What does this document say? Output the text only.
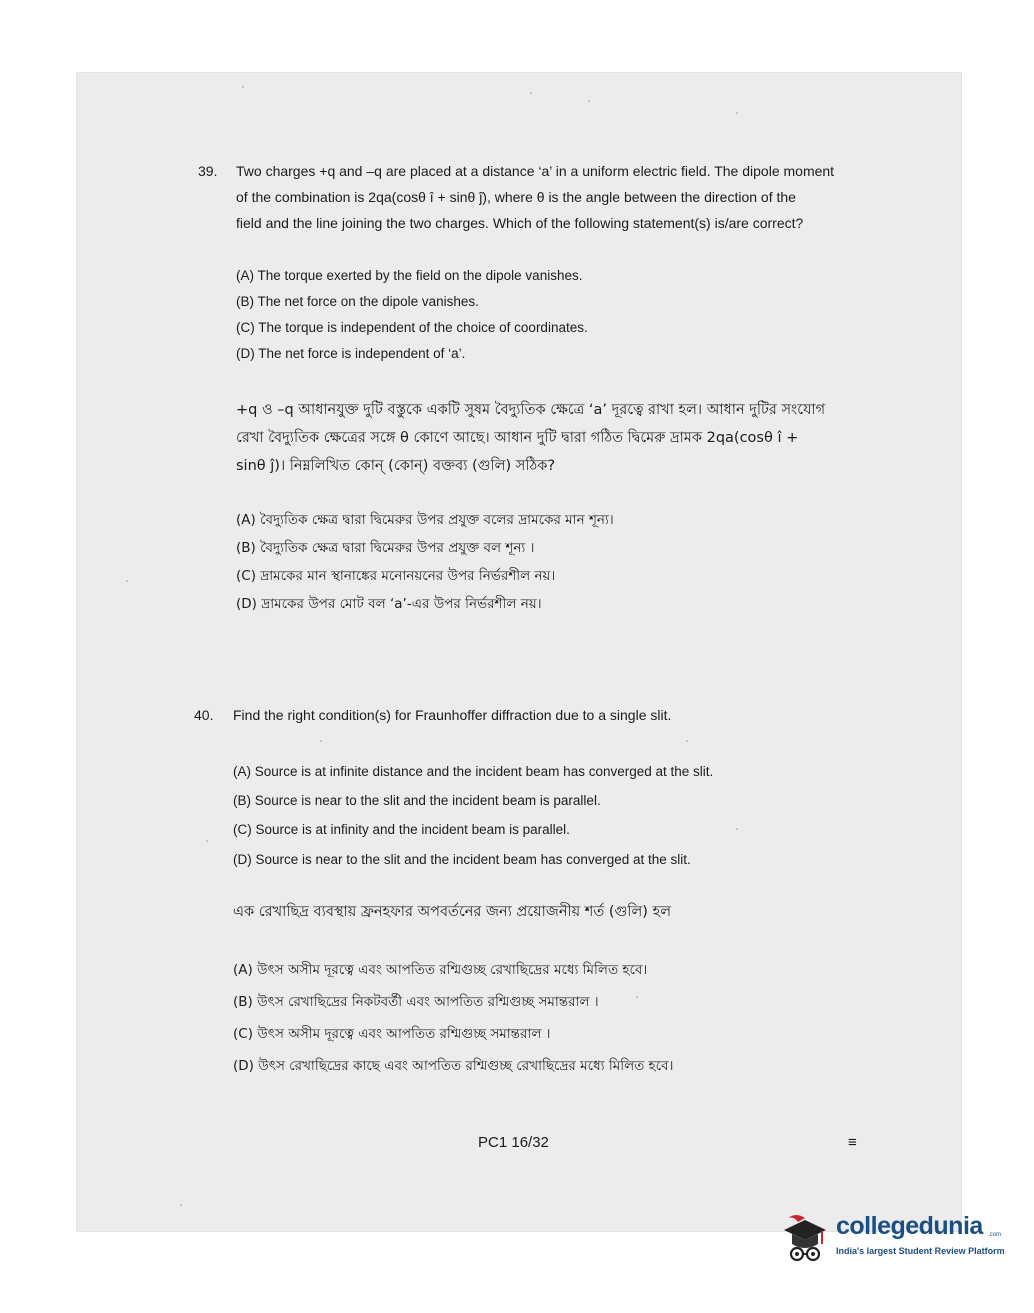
39. Two charges +q and –q are placed at a distance ‘a’ in a uniform electric field. The dipole moment
of the combination is 2qa(cosθ î + sinθ ĵ), where θ is the angle between the direction of the
field and the line joining the two charges. Which of the following statement(s) is/are correct?
(A) The torque exerted by the field on the dipole vanishes.
(B) The net force on the dipole vanishes.
(C) The torque is independent of the choice of coordinates.
(D) The net force is independent of ‘a’.
+q ও –q আধানযুক্ত দুটি বস্তুকে একটি সুষম বৈদ্যুতিক ক্ষেত্রে ‘a’ দূরত্বে রাখা হল। আধান দুটির সংযোগ
রেখা বৈদ্যুতিক ক্ষেত্রের সঙ্গে θ কোণে আছে। আধান দুটি দ্বারা গঠিত দ্বিমেরু দ্রামক 2qa(cosθ î +
sinθ ĵ)। নিম্নলিখিত কোন্ (কোন্) বক্তব্য (গুলি) সঠিক?
(A) বৈদ্যুতিক ক্ষেত্র দ্বারা দ্বিমেরুর উপর প্রযুক্ত বলের দ্রামকের মান শূন্য।
(B) বৈদ্যুতিক ক্ষেত্র দ্বারা দ্বিমেরুর উপর প্রযুক্ত বল শূন্য ।
(C) দ্রামকের মান স্থানাঙ্কের মনোনয়নের উপর নির্ভরশীল নয়।
(D) দ্রামকের উপর মোট বল ‘a’-এর উপর নির্ভরশীল নয়।
40. Find the right condition(s) for Fraunhoffer diffraction due to a single slit.
(A) Source is at infinite distance and the incident beam has converged at the slit.
(B) Source is near to the slit and the incident beam is parallel.
(C) Source is at infinity and the incident beam is parallel.
(D) Source is near to the slit and the incident beam has converged at the slit.
এক রেখাছিদ্র ব্যবস্থায় ফ্রনহফার অপবর্তনের জন্য প্রয়োজনীয় শর্ত (গুলি) হল
(A) উৎস অসীম দূরত্বে এবং আপতিত রশ্মিগুচ্ছ রেখাছিদ্রের মধ্যে মিলিত হবে।
(B) উৎস রেখাছিদ্রের নিকটবর্তী এবং আপতিত রশ্মিগুচ্ছ সমান্তরাল ।
(C) উৎস অসীম দূরত্বে এবং আপতিত রশ্মিগুচ্ছ সমান্তরাল ।
(D) উৎস রেখাছিদ্রের কাছে এবং আপতিত রশ্মিগুচ্ছ রেখাছিদ্রের মধ্যে মিলিত হবে।
PC1 16/32	≡
collegedunia .com
India's largest Student Review Platform
